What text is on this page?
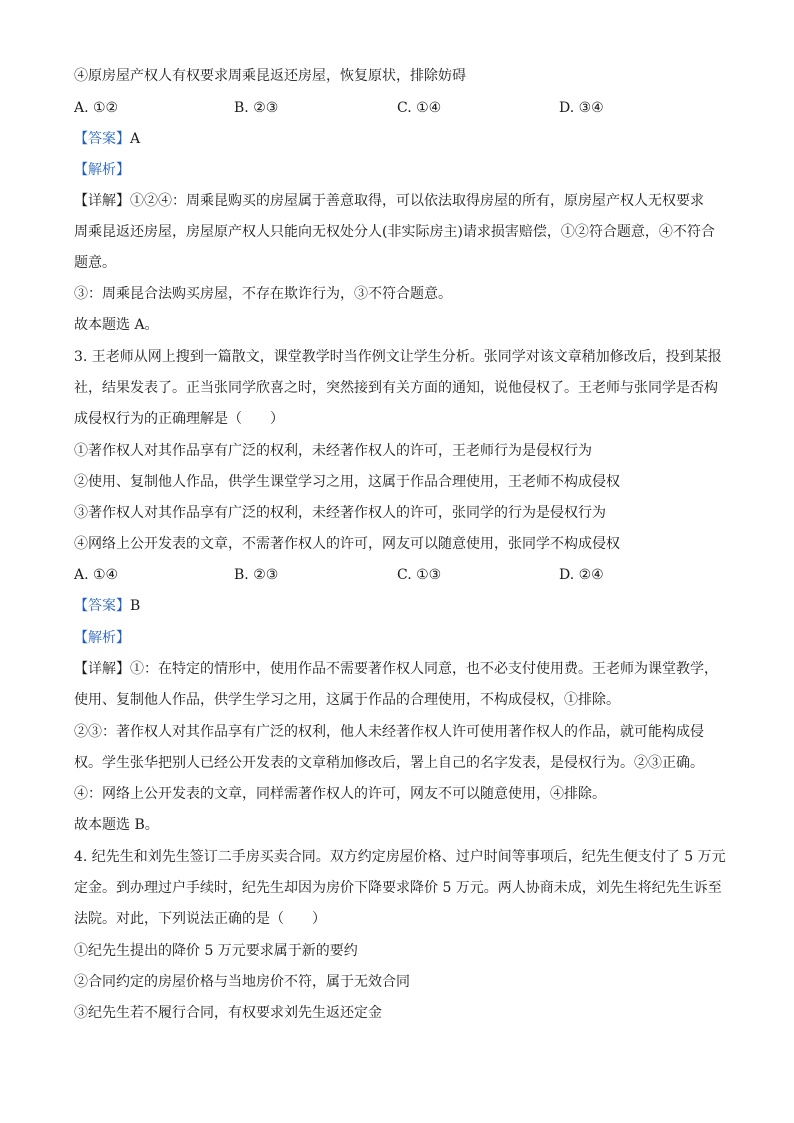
④原房屋产权人有权要求周乘昆返还房屋，恢复原状，排除妨碍
A. ①②	B. ②③	C. ①④	D. ③④
【答案】A
【解析】
【详解】①②④：周乘昆购买的房屋属于善意取得，可以依法取得房屋的所有，原房屋产权人无权要求
周乘昆返还房屋，房屋原产权人只能向无权处分人(非实际房主)请求损害赔偿，①②符合题意，④不符合
题意。
③：周乘昆合法购买房屋，不存在欺诈行为，③不符合题意。
故本题选 A。
3. 王老师从网上搜到一篇散文，课堂教学时当作例文让学生分析。张同学对该文章稍加修改后，投到某报
社，结果发表了。正当张同学欣喜之时，突然接到有关方面的通知，说他侵权了。王老师与张同学是否构
成侵权行为的正确理解是（　　）
①著作权人对其作品享有广泛的权利，未经著作权人的许可，王老师行为是侵权行为
②使用、复制他人作品，供学生课堂学习之用，这属于作品合理使用，王老师不构成侵权
③著作权人对其作品享有广泛的权利，未经著作权人的许可，张同学的行为是侵权行为
④网络上公开发表的文章，不需著作权人的许可，网友可以随意使用，张同学不构成侵权
A. ①④	B. ②③	C. ①③	D. ②④
【答案】B
【解析】
【详解】①：在特定的情形中，使用作品不需要著作权人同意，也不必支付使用费。王老师为课堂教学，
使用、复制他人作品，供学生学习之用，这属于作品的合理使用，不构成侵权，①排除。
②③：著作权人对其作品享有广泛的权利，他人未经著作权人许可使用著作权人的作品，就可能构成侵
权。学生张华把别人已经公开发表的文章稍加修改后，署上自己的名字发表，是侵权行为。②③正确。
④：网络上公开发表的文章，同样需著作权人的许可，网友不可以随意使用，④排除。
故本题选 B。
4. 纪先生和刘先生签订二手房买卖合同。双方约定房屋价格、过户时间等事项后，纪先生便支付了 5 万元
定金。到办理过户手续时，纪先生却因为房价下降要求降价 5 万元。两人协商未成，刘先生将纪先生诉至
法院。对此，下列说法正确的是（　　）
①纪先生提出的降价 5 万元要求属于新的要约
②合同约定的房屋价格与当地房价不符，属于无效合同
③纪先生若不履行合同，有权要求刘先生返还定金
